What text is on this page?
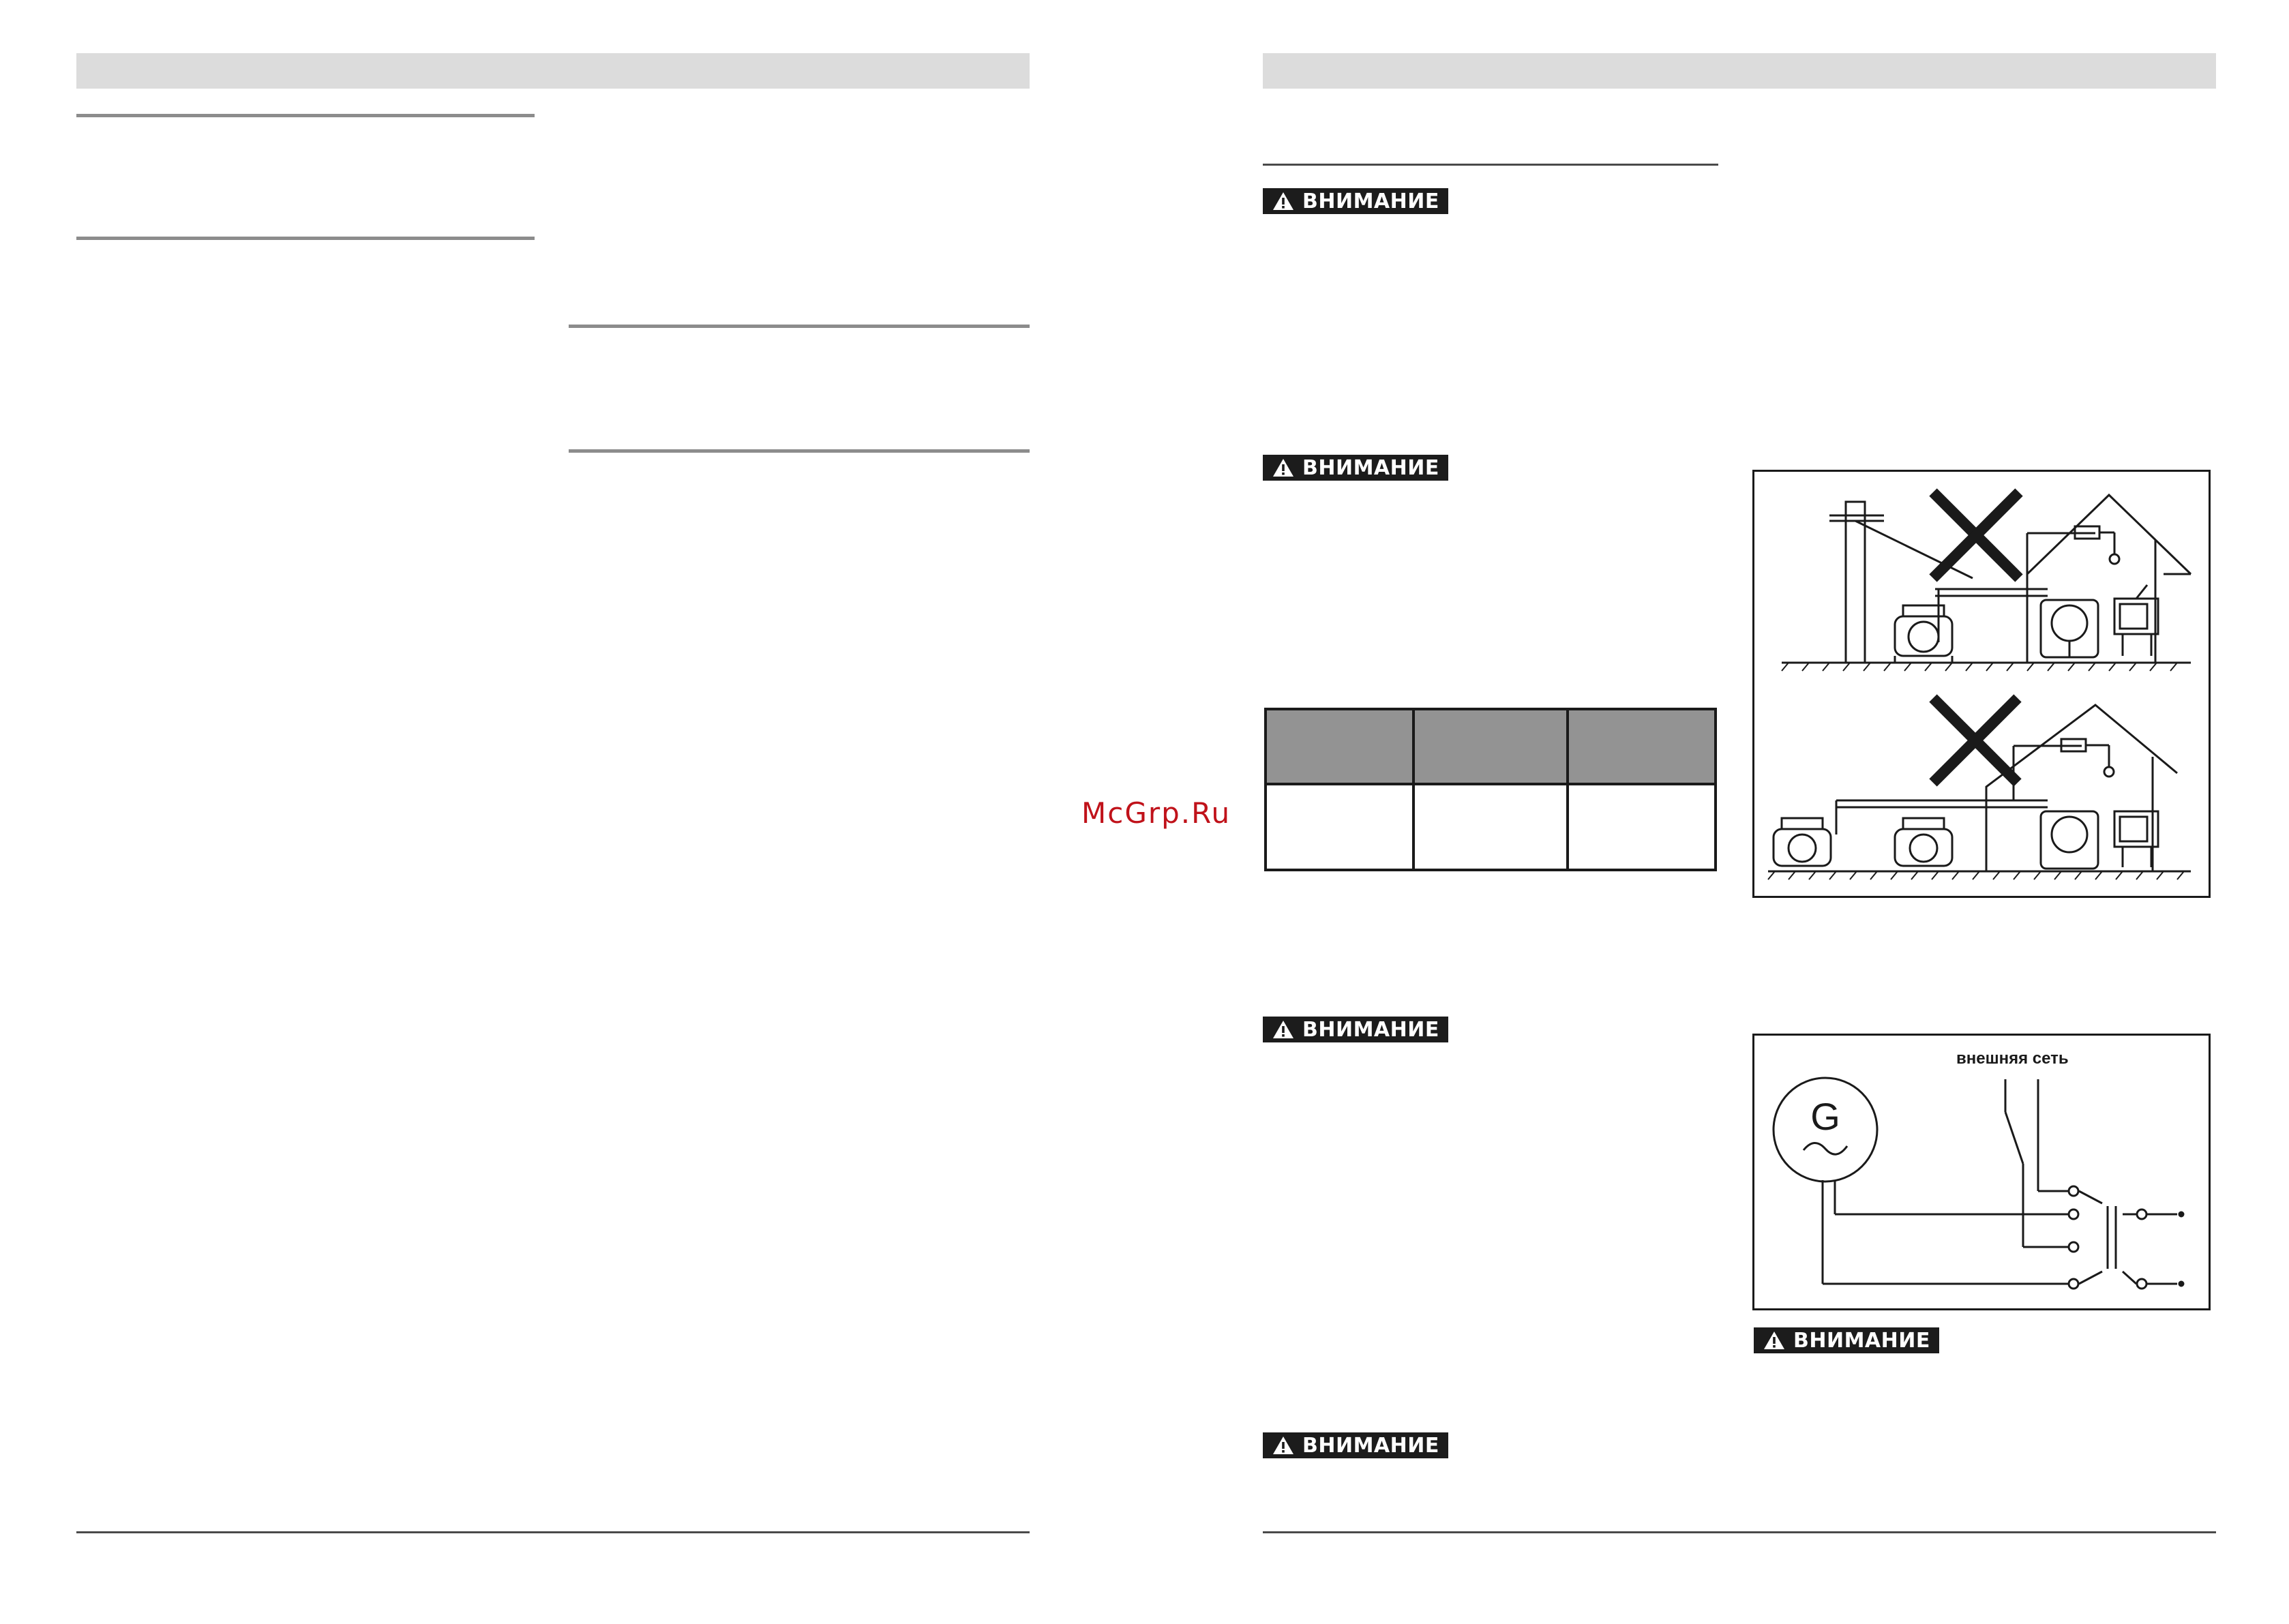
McGrp.Ru
ВНИМАНИЕ
ВНИМАНИЕ
ВНИМАНИЕ
ВНИМАНИЕ
ВНИМАНИЕ

внешняя сеть
G
